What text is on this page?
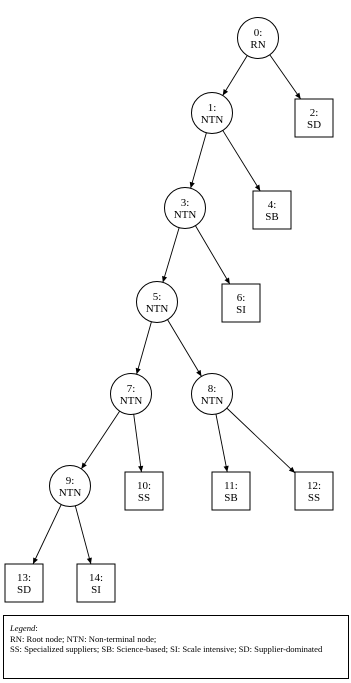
0:
RN
1:
NTN
2:
SD
3:
NTN
4:
SB
5:
NTN
6:
SI
7:
NTN
8:
NTN
9:
NTN
10:
SS
11:
SB
12:
SS
13:
SD
14:
SI
Legend:
RN: Root node; NTN: Non-terminal node;
SS: Specialized suppliers; SB: Science-based; SI: Scale intensive; SD: Supplier-dominated
